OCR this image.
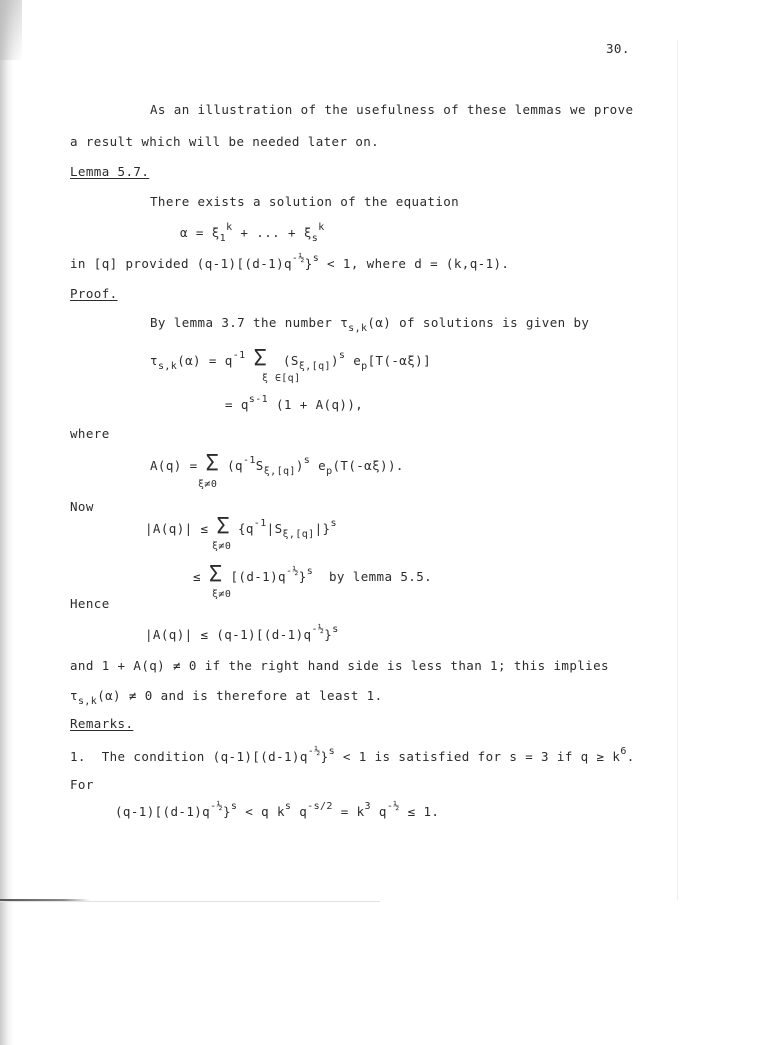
30.
As an illustration of the usefulness of these lemmas we prove
a result which will be needed later on.
Lemma 5.7.
There exists a solution of the equation
$\alpha = \xi_1^k$ + ... + $\xi_s^k$
in [q] provided $(q-1)[(d-1)q^{-\frac{1}{2}}\}^s < 1$, where d = (k,q-1).
Proof.
By lemma 3.7 the number $\tau_{s,k}(\alpha)$ of solutions is given by
$\tau_{s,k}(\alpha) = q^{-1}$ Σ $(S_{\xi,[q]})^s$ $e_p[T(-\alpha\xi)]$
ξ ∈[q]
= $q^{s-1}$ (1 + A(q)),
where
A(q) = Σ $(q^{-1}S_{\xi,[q]})^s$ $e_p(T(-\alpha\xi))$.
ξ≠0
Now
|A(q)| ≤ Σ $\{q^{-1}|S_{\xi,[q]}|\}^s$
ξ≠0
≤ Σ $[(d-1)q^{-\frac{1}{2}}\}^s$  by lemma 5.5.
ξ≠0
Hence
$|A(q)| \le (q-1)[(d-1)q^{-\frac{1}{2}}\}^s$
and 1 + A(q) ≠ 0 if the right hand side is less than 1; this implies
$\tau_{s,k}(\alpha) \ne 0$ and is therefore at least 1.
Remarks.
1.  The condition $(q-1)[(d-1)q^{-\frac{1}{2}}\}^s < 1$ is satisfied for s = 3 if $q \ge k^6$.
For
$(q-1)[(d-1)q^{-\frac{1}{2}}\}^s < q$ $k^s$ $q^{-s/2} = k^3$ $q^{-\frac{1}{2}} \le 1$.
